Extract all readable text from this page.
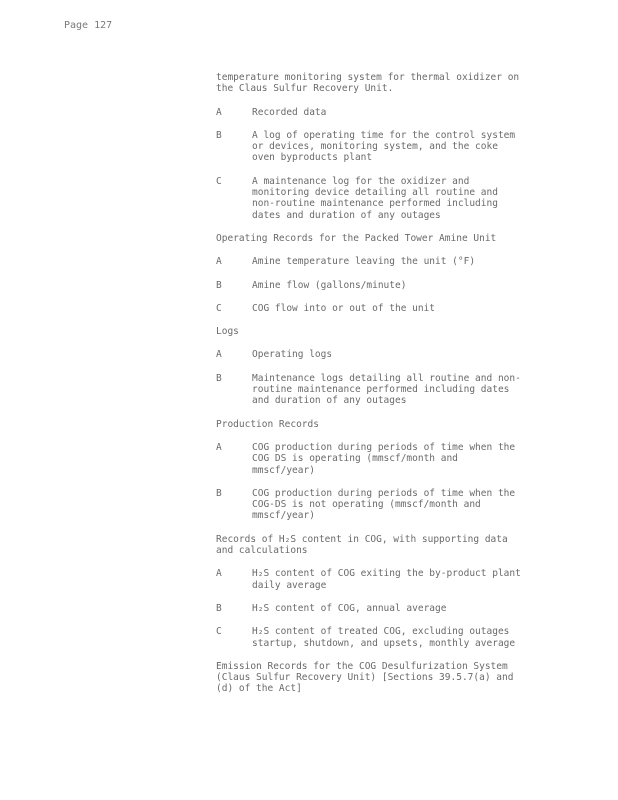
Page 127
temperature monitoring system for thermal oxidizer on
the Claus Sulfur Recovery Unit.
A	Recorded data
B	A log of operating time for the control system
or devices, monitoring system, and the coke
oven byproducts plant
C	A maintenance log for the oxidizer and
monitoring device detailing all routine and
non-routine maintenance performed including
dates and duration of any outages
Operating Records for the Packed Tower Amine Unit
A	Amine temperature leaving the unit (°F)
B	Amine flow (gallons/minute)
C	COG flow into or out of the unit
Logs
A	Operating logs
B	Maintenance logs detailing all routine and non-
routine maintenance performed including dates
and duration of any outages
Production Records
A	COG production during periods of time when the
COG DS is operating (mmscf/month and
mmscf/year)
B	COG production during periods of time when the
COG-DS is not operating (mmscf/month and
mmscf/year)
Records of H₂S content in COG, with supporting data
and calculations
A	H₂S content of COG exiting the by-product plant
daily average
B	H₂S content of COG, annual average
C	H₂S content of treated COG, excluding outages
startup, shutdown, and upsets, monthly average
Emission Records for the COG Desulfurization System
(Claus Sulfur Recovery Unit) [Sections 39.5.7(a) and
(d) of the Act]
